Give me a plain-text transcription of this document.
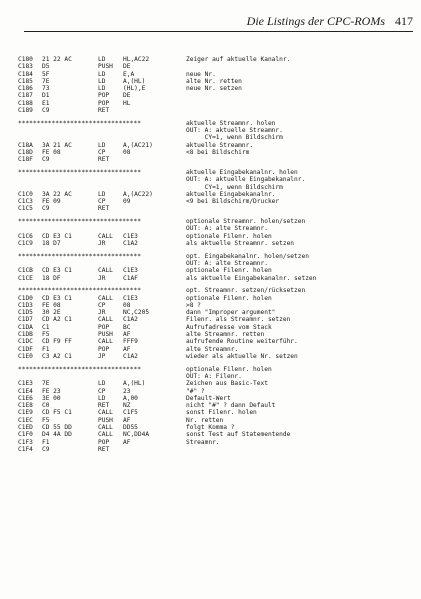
Die Listings der CPC-ROMs 417
C180 21 22 AC	LD	HL,AC22	Zeiger auf aktuelle Kanalnr.
C183 D5	PUSH DE
C184 5F	LD	E,A	neue Nr.
C185 7E	LD	A,(HL)	alte Nr. retten
C186 73	LD	(HL),E	neue Nr. setzen
C187 D1	POP DE
C188 E1	POP HL
C189 C9	RET
*********************************	aktuelle Streamnr. holen
OUT: A: aktuelle Streamnr.
CY=1, wenn Bildschirm
C18A 3A 21 AC	LD	A,(AC21)	aktuelle Streamnr.
C18D FE 08	CP	08	<8 bei Bildschirm
C18F C9	RET
*********************************	aktuelle Eingabekanalnr. holen
OUT: A: aktuelle Eingabekanalnr.
CY=1, wenn Bildschirm
C1C0 3A 22 AC	LD	A,(AC22)	aktuelle Eingabekanalnr.
C1C3 FE 09	CP	09	<9 bei Bildschirm/Drucker
C1C5 C9	RET
*********************************	optionale Streamnr. holen/setzen
OUT: A: alte Streamnr.
C1C6 CD E3 C1	CALL C1E3	optionale Filenr. holen
C1C9 18 D7	JR	C1A2	als aktuelle Streamnr. setzen
*********************************	opt. Eingabekanalnr. holen/setzen
OUT: A: alte Streamnr.
C1CB CD E3 C1	CALL C1E3	optionale Filenr. holen
C1CE 18 DF	JR	C1AF	als aktuelle Eingabekanalnr. setzen
*********************************	opt. Streamnr. setzen/rücksetzen
C1D0 CD E3 C1	CALL C1E3	optionale Filenr. holen
C1D3 FE 08	CP	08	>8 ?
C1D5 30 2E	JR	NC,C205	dann "Improper argument"
C1D7 CD A2 C1	CALL C1A2	Filenr. als Streamnr. setzen
C1DA C1	POP BC	Aufrufadresse vom Stack
C1DB F5	PUSH AF	alte Streamnr. retten
C1DC CD F9 FF	CALL FFF9	aufrufende Routine weiterführ.
C1DF F1	POP AF	alte Streamnr.
C1E0 C3 A2 C1	JP	C1A2	wieder als aktuelle Nr. setzen
*********************************	optionale Filenr. holen
OUT: A: Filenr.
C1E3 7E	LD	A,(HL)	Zeichen aus Basic-Text
C1E4 FE 23	CP	23	"#" ?
C1E6 3E 00	LD	A,00	Default-Wert
C1E8 C0	RET NZ	nicht "#" ? dann Default
C1E9 CD F5 C1	CALL C1F5	sonst Filenr. holen
C1EC F5	PUSH AF	Nr. retten
C1ED CD 55 DD	CALL DD55	folgt Komma ?
C1F0 D4 4A DD	CALL NC,DD4A	sonst Test auf Statementende
C1F3 F1	POP AF	Streamnr.
C1F4 C9	RET
